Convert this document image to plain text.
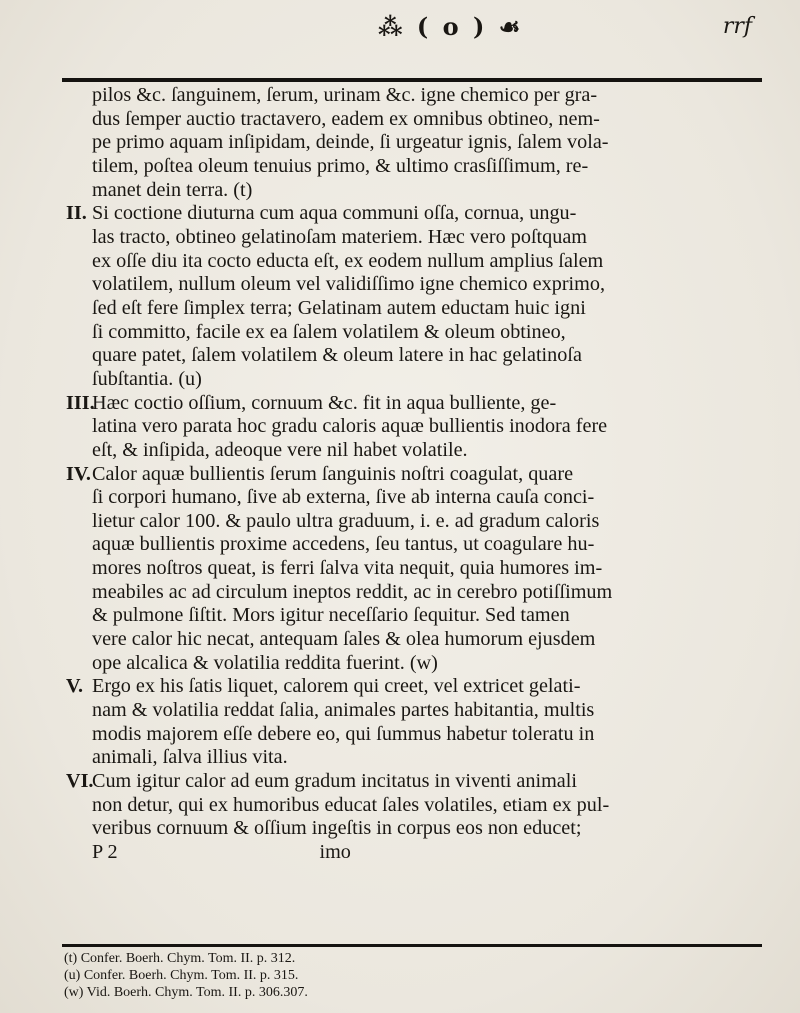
⁂ ( o ) ☙	rrf
pilos &c. ſanguinem, ſerum, urinam &c. igne chemico per gra-
dus ſemper auctio tractavero, eadem ex omnibus obtineo, nem-
pe primo aquam inſipidam, deinde, ſi urgeatur ignis, ſalem vola-
tilem, poſtea oleum tenuius primo, & ultimo crasſiſſimum, re-
manet dein terra. (t)
II. Si coctione diuturna cum aqua communi oſſa, cornua, ungu-
las tracto, obtineo gelatinoſam materiem. Hæc vero poſtquam
ex oſſe diu ita cocto educta eſt, ex eodem nullum amplius ſalem
volatilem, nullum oleum vel validiſſimo igne chemico exprimo,
ſed eſt fere ſimplex terra; Gelatinam autem eductam huic igni
ſi committo, facile ex ea ſalem volatilem & oleum obtineo,
quare patet, ſalem volatilem & oleum latere in hac gelatinoſa
ſubſtantia. (u)
III.
Hæc coctio oſſium, cornuum &c. fit in aqua bulliente, ge-
latina vero parata hoc gradu caloris aquæ bullientis inodora fere
eſt, & inſipida, adeoque vere nil habet volatile.
IV. Calor aquæ bullientis ſerum ſanguinis noſtri coagulat, quare
ſi corpori humano, ſive ab externa, ſive ab interna cauſa conci-
lietur calor 100. & paulo ultra graduum, i. e. ad gradum caloris
aquæ bullientis proxime accedens, ſeu tantus, ut coagulare hu-
mores noſtros queat, is ferri ſalva vita nequit, quia humores im-
meabiles ac ad circulum ineptos reddit, ac in cerebro potiſſimum
& pulmone ſiſtit. Mors igitur neceſſario ſequitur. Sed tamen
vere calor hic necat, antequam ſales & olea humorum ejusdem
ope alcalica & volatilia reddita fuerint. (w)
V. Ergo ex his ſatis liquet, calorem qui creet, vel extricet gelati-
nam & volatilia reddat ſalia, animales partes habitantia, multis
modis majorem eſſe debere eo, qui ſummus habetur toleratu in
animali, ſalva illius vita.
VI.
Cum igitur calor ad eum gradum incitatus in viventi animali
non detur, qui ex humoribus educat ſales volatiles, etiam ex pul-
veribus cornuum & oſſium ingeſtis in corpus eos non educet;
P 2                                        imo

(t) Confer. Boerh. Chym. Tom. II. p. 312.

(u) Confer. Boerh. Chym. Tom. II. p. 315.

(w) Vid. Boerh. Chym. Tom. II. p. 306.307.
